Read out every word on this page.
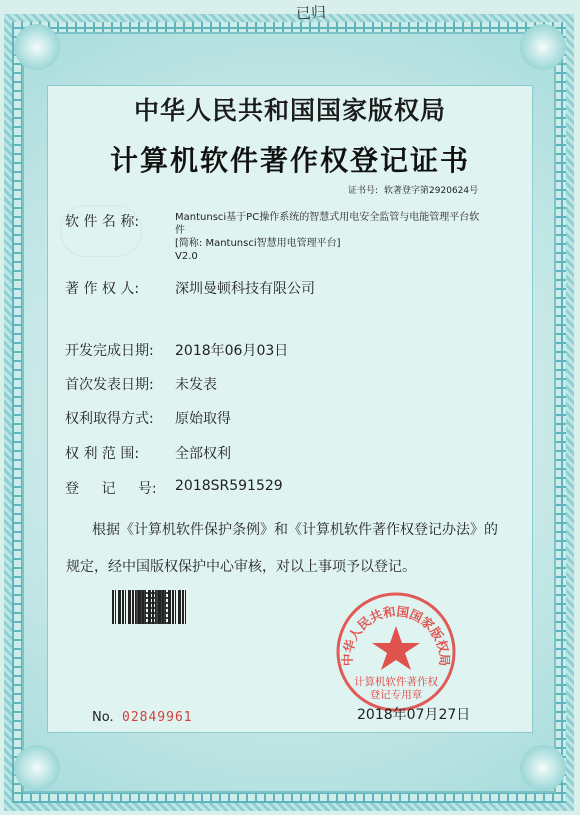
已归
中华人民共和国国家版权局
计算机软件著作权登记证书
证书号: 软著登字第2920624号
软 件 名 称:	Mantunsci基于PC操作系统的智慧式用电安全监管与电能管理平台软
件
[简称: Mantunsci智慧用电管理平台]
V2.0
著 作 权 人:	深圳曼顿科技有限公司
开发完成日期: 2018年06月03日
首次发表日期: 未发表
权利取得方式: 原始取得
权 利 范 围:	全部权利
登 记 号: 2018SR591529
根据《计算机软件保护条例》和《计算机软件著作权登记办法》的
规定，经中国版权保护中心审核，对以上事项予以登记。
中华人民共和国国家版权局
计算机软件著作权
登记专用章
No. 02849961	2018年07月27日
